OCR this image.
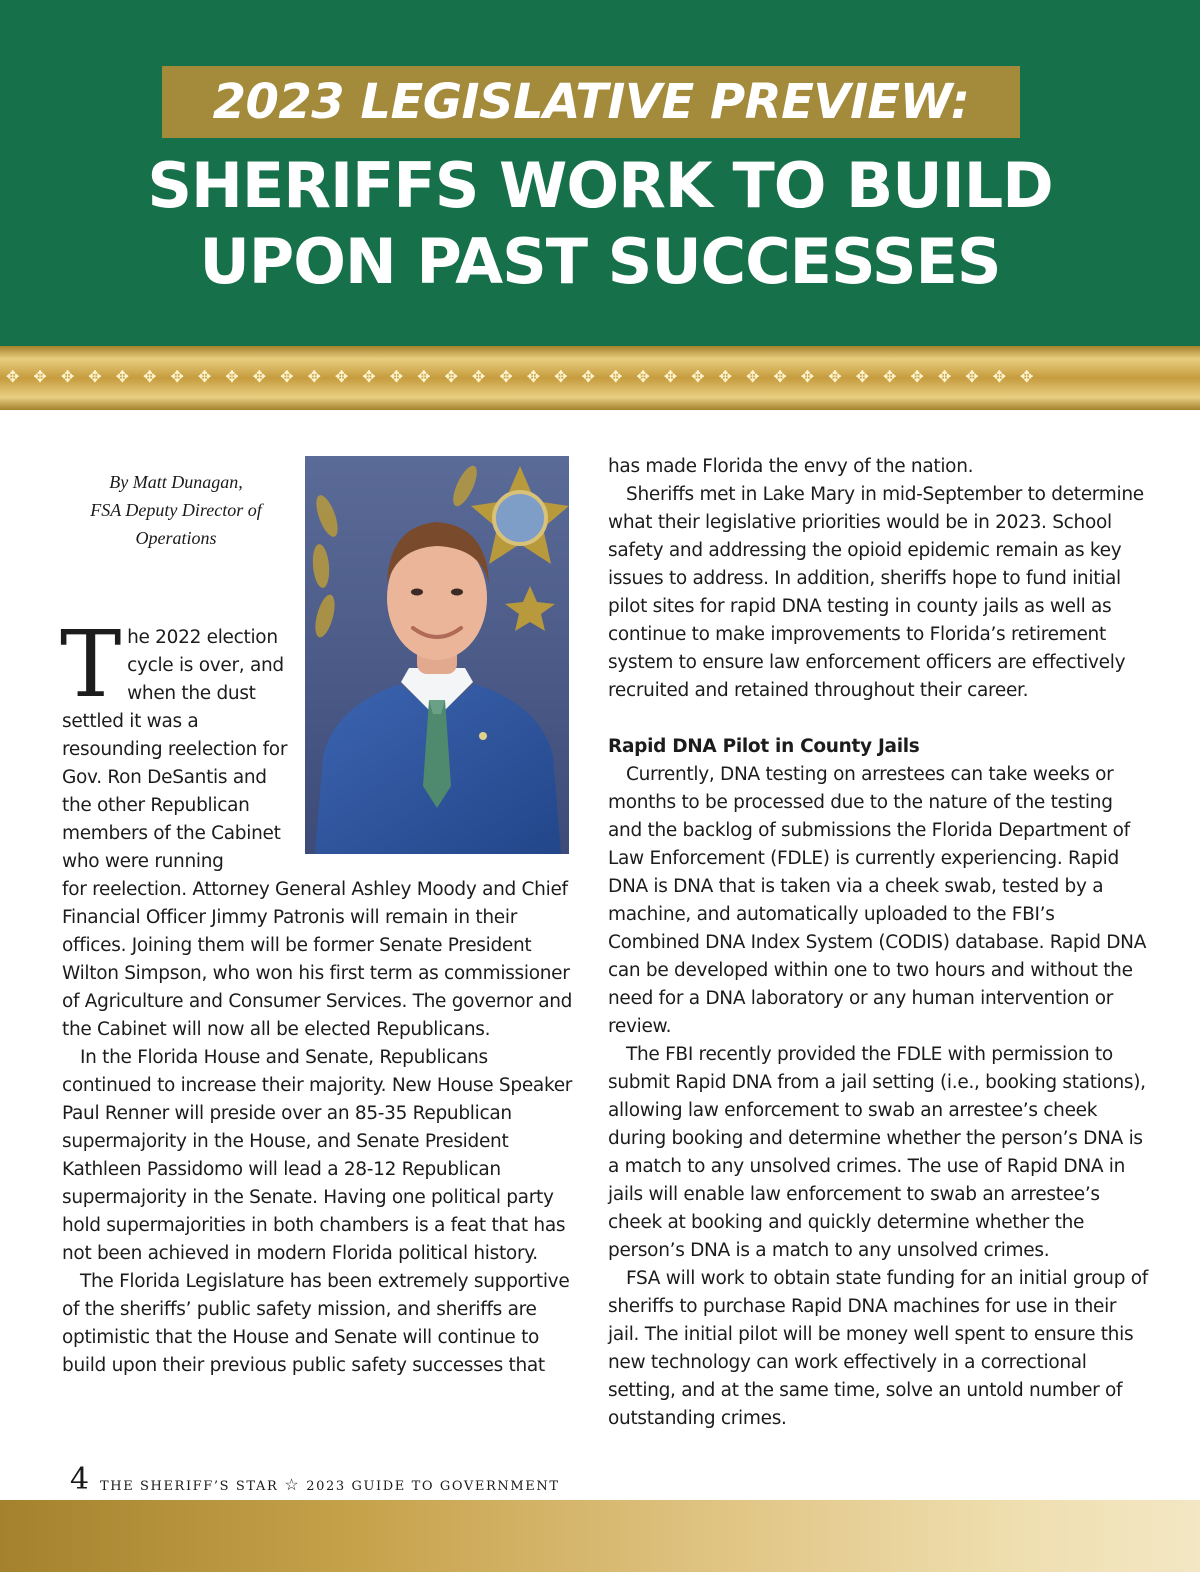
2023 LEGISLATIVE PREVIEW:
SHERIFFS WORK TO BUILD
UPON PAST SUCCESSES
✥✥✥✥✥✥✥✥✥✥✥✥✥✥✥✥✥✥✥✥✥✥✥✥✥✥✥✥✥✥✥✥✥✥✥✥✥✥
By Matt Dunagan,
FSA Deputy Director of
Operations
The 2022 election cycle is over, and when the dust settled it was a resounding reelection for Gov. Ron DeSantis and the other Republican members of the Cabinet who were running

for reelection. Attorney General Ashley Moody and Chief Financial Officer Jimmy Patronis will remain in their offices. Joining them will be former Senate President Wilton Simpson, who won his first term as commissioner of Agriculture and Consumer Services. The governor and the Cabinet will now all be elected Republicans.

In the Florida House and Senate, Republicans continued to increase their majority. New House Speaker Paul Renner will preside over an 85-35 Republican supermajority in the House, and Senate President Kathleen Passidomo will lead a 28-12 Republican supermajority in the Senate. Having one political party hold supermajorities in both chambers is a feat that has not been achieved in modern Florida political history.

The Florida Legislature has been extremely supportive of the sheriffs’ public safety mission, and sheriffs are optimistic that the House and Senate will continue to build upon their previous public safety successes that

has made Florida the envy of the nation.

Sheriffs met in Lake Mary in mid-September to determine what their legislative priorities would be in 2023. School safety and addressing the opioid epidemic remain as key issues to address. In addition, sheriffs hope to fund initial pilot sites for rapid DNA testing in county jails as well as continue to make improvements to Florida’s retirement system to ensure law enforcement officers are effectively recruited and retained throughout their career.

Rapid DNA Pilot in County Jails

Currently, DNA testing on arrestees can take weeks or months to be processed due to the nature of the testing and the backlog of submissions the Florida Department of Law Enforcement (FDLE) is currently experiencing. Rapid DNA is DNA that is taken via a cheek swab, tested by a machine, and automatically uploaded to the FBI’s Combined DNA Index System (CODIS) database. Rapid DNA can be developed within one to two hours and without the need for a DNA laboratory or any human intervention or review.

The FBI recently provided the FDLE with permission to submit Rapid DNA from a jail setting (i.e., booking stations), allowing law enforcement to swab an arrestee’s cheek during booking and determine whether the person’s DNA is a match to any unsolved crimes. The use of Rapid DNA in jails will enable law enforcement to swab an arrestee’s cheek at booking and quickly determine whether the person’s DNA is a match to any unsolved crimes.

FSA will work to obtain state funding for an initial group of sheriffs to purchase Rapid DNA machines for use in their jail. The initial pilot will be money well spent to ensure this new technology can work effectively in a correctional setting, and at the same time, solve an untold number of outstanding crimes.

4 THE SHERIFF’S STAR ☆ 2023 GUIDE TO GOVERNMENT
